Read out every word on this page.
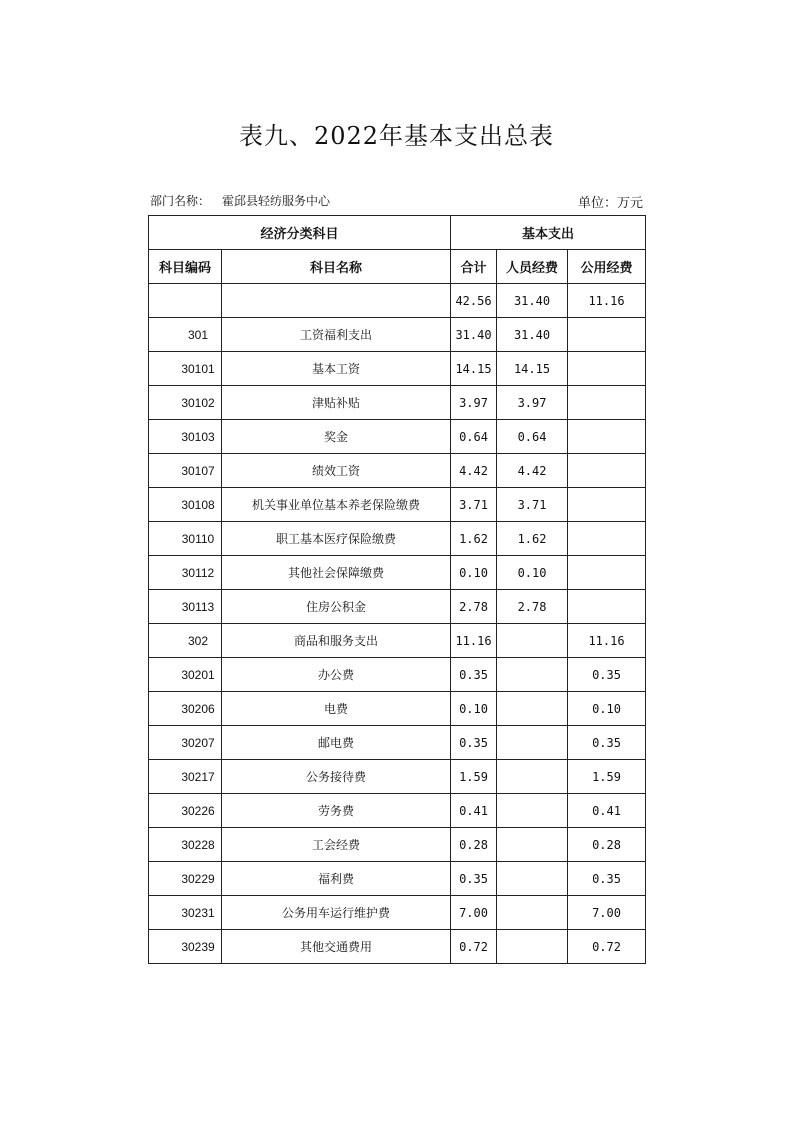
表九、2022年基本支出总表
部门名称： 霍邱县轻纺服务中心	单位：万元
经济分类科目		基本支出		
科目编码	科目名称	合计	人员经费	公用经费
		42.56	31.40	11.16
301	工资福利支出	31.40	31.40	
30101	基本工资	14.15	14.15	
30102	津贴补贴	3.97	3.97	
30103	奖金	0.64	0.64	
30107	绩效工资	4.42	4.42	
30108	机关事业单位基本养老保险缴费	3.71	3.71	
30110	职工基本医疗保险缴费	1.62	1.62	
30112	其他社会保障缴费	0.10	0.10	
30113	住房公积金	2.78	2.78	
302	商品和服务支出	11.16		11.16
30201	办公费	0.35		0.35
30206	电费	0.10		0.10
30207	邮电费	0.35		0.35
30217	公务接待费	1.59		1.59
30226	劳务费	0.41		0.41
30228	工会经费	0.28		0.28
30229	福利费	0.35		0.35
30231	公务用车运行维护费	7.00		7.00
30239	其他交通费用	0.72		0.72
